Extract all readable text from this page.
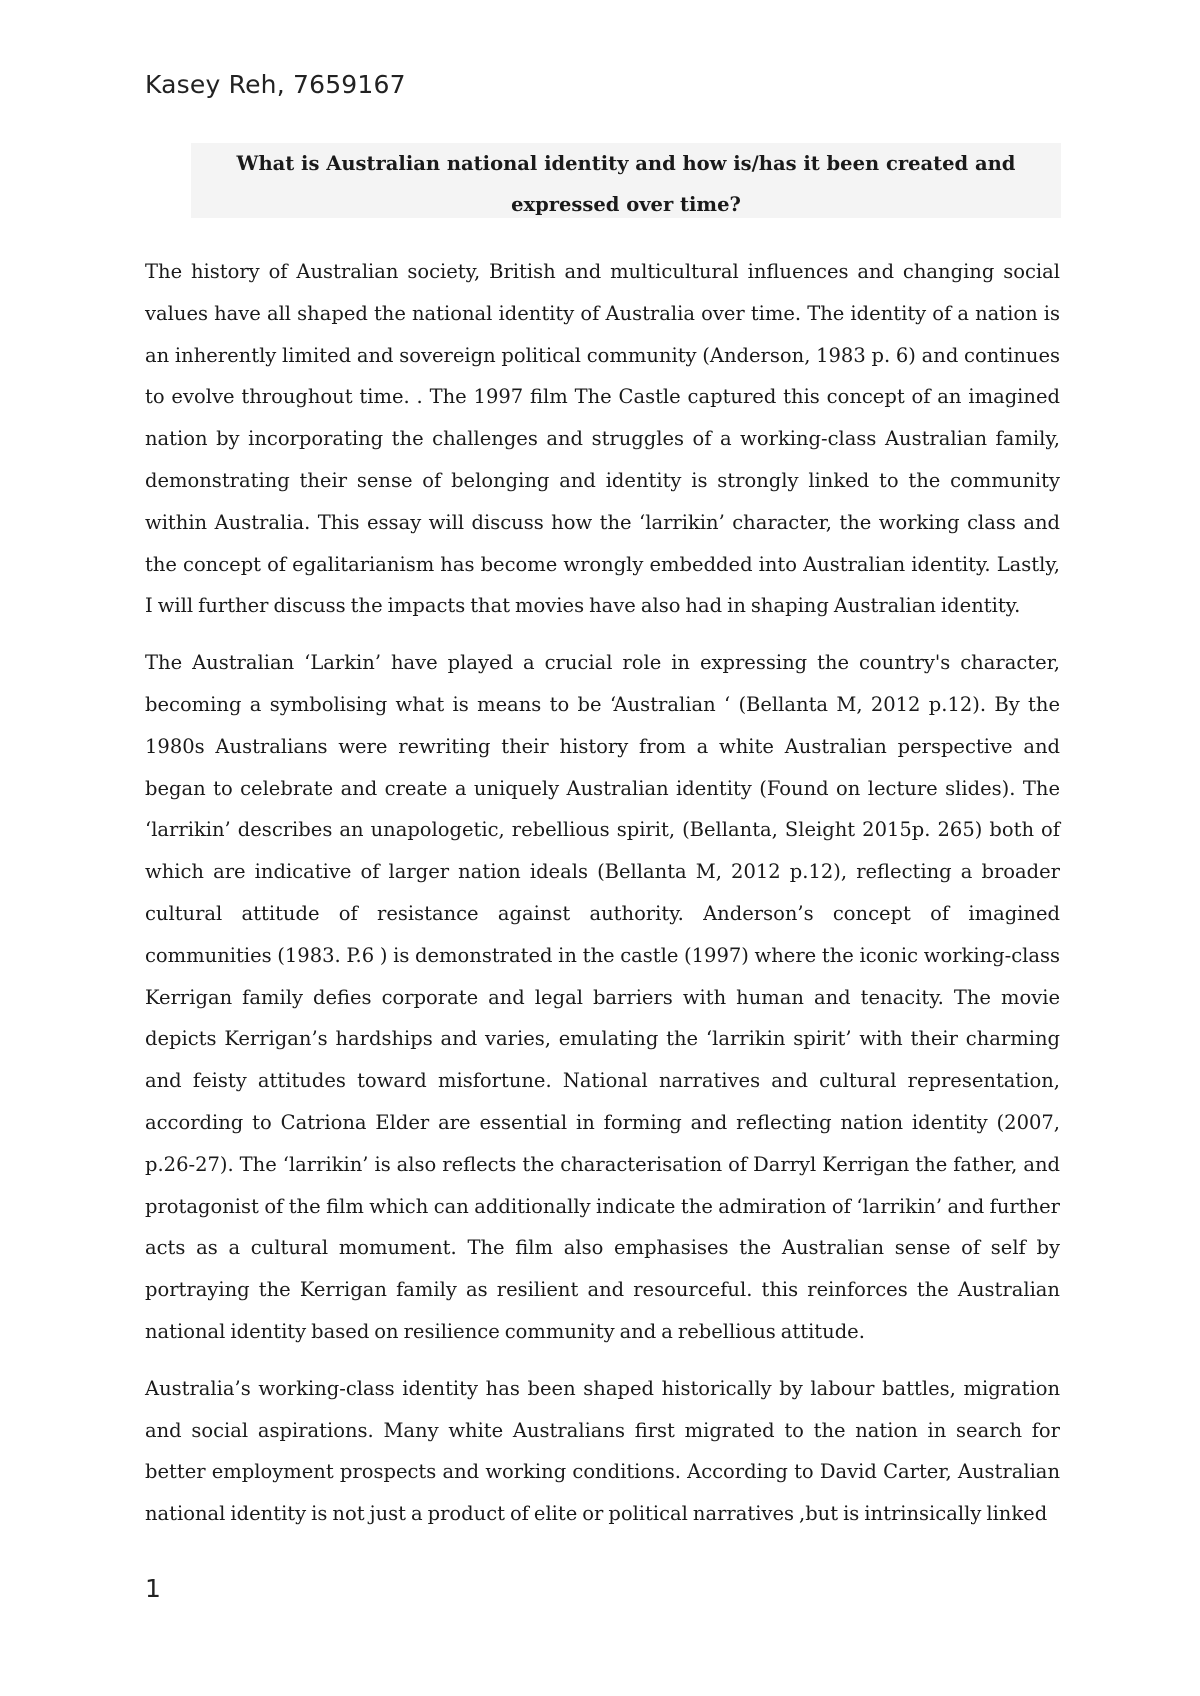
Kasey Reh, 7659167
What is Australian national identity and how is/has it been created and expressed over time?

The history of Australian society, British and multicultural influences and changing social values have all shaped the national identity of Australia over time. The identity of a nation is an inherently limited and sovereign political community (Anderson, 1983 p. 6) and continues to evolve throughout time. . The 1997 film The Castle captured this concept of an imagined nation by incorporating the challenges and struggles of a working-class Australian family, demonstrating their sense of belonging and identity is strongly linked to the community within Australia. This essay will discuss how the ‘larrikin’ character, the working class and the concept of egalitarianism has become wrongly embedded into Australian identity. Lastly, I will further discuss the impacts that movies have also had in shaping Australian identity.

The Australian ‘Larkin’ have played a crucial role in expressing the country's character, becoming a symbolising what is means to be ‘Australian ‘ (Bellanta M, 2012 p.12). By the 1980s Australians were rewriting their history from a white Australian perspective and began to celebrate and create a uniquely Australian identity (Found on lecture slides). The ‘larrikin’ describes an unapologetic, rebellious spirit, (Bellanta, Sleight 2015p. 265) both of which are indicative of larger nation ideals (Bellanta M, 2012 p.12), reflecting a broader cultural attitude of resistance against authority. Anderson’s concept of imagined communities (1983. P.6 ) is demonstrated in the castle (1997) where the iconic working-class Kerrigan family defies corporate and legal barriers with human and tenacity. The movie depicts Kerrigan’s hardships and varies, emulating the ‘larrikin spirit’ with their charming and feisty attitudes toward misfortune. National narratives and cultural representation, according to Catriona Elder are essential in forming and reflecting nation identity (2007, p.26-27). The ‘larrikin’ is also reflects the characterisation of Darryl Kerrigan the father, and protagonist of the film which can additionally indicate the admiration of ‘larrikin’ and further acts as a cultural momument. The film also emphasises the Australian sense of self by portraying the Kerrigan family as resilient and resourceful. this reinforces the Australian national identity based on resilience community and a rebellious attitude.

Australia’s working-class identity has been shaped historically by labour battles, migration and social aspirations. Many white Australians first migrated to the nation in search for better employment prospects and working conditions. According to David Carter, Australian national identity is not just a product of elite or political narratives ,but is intrinsically linked

1
